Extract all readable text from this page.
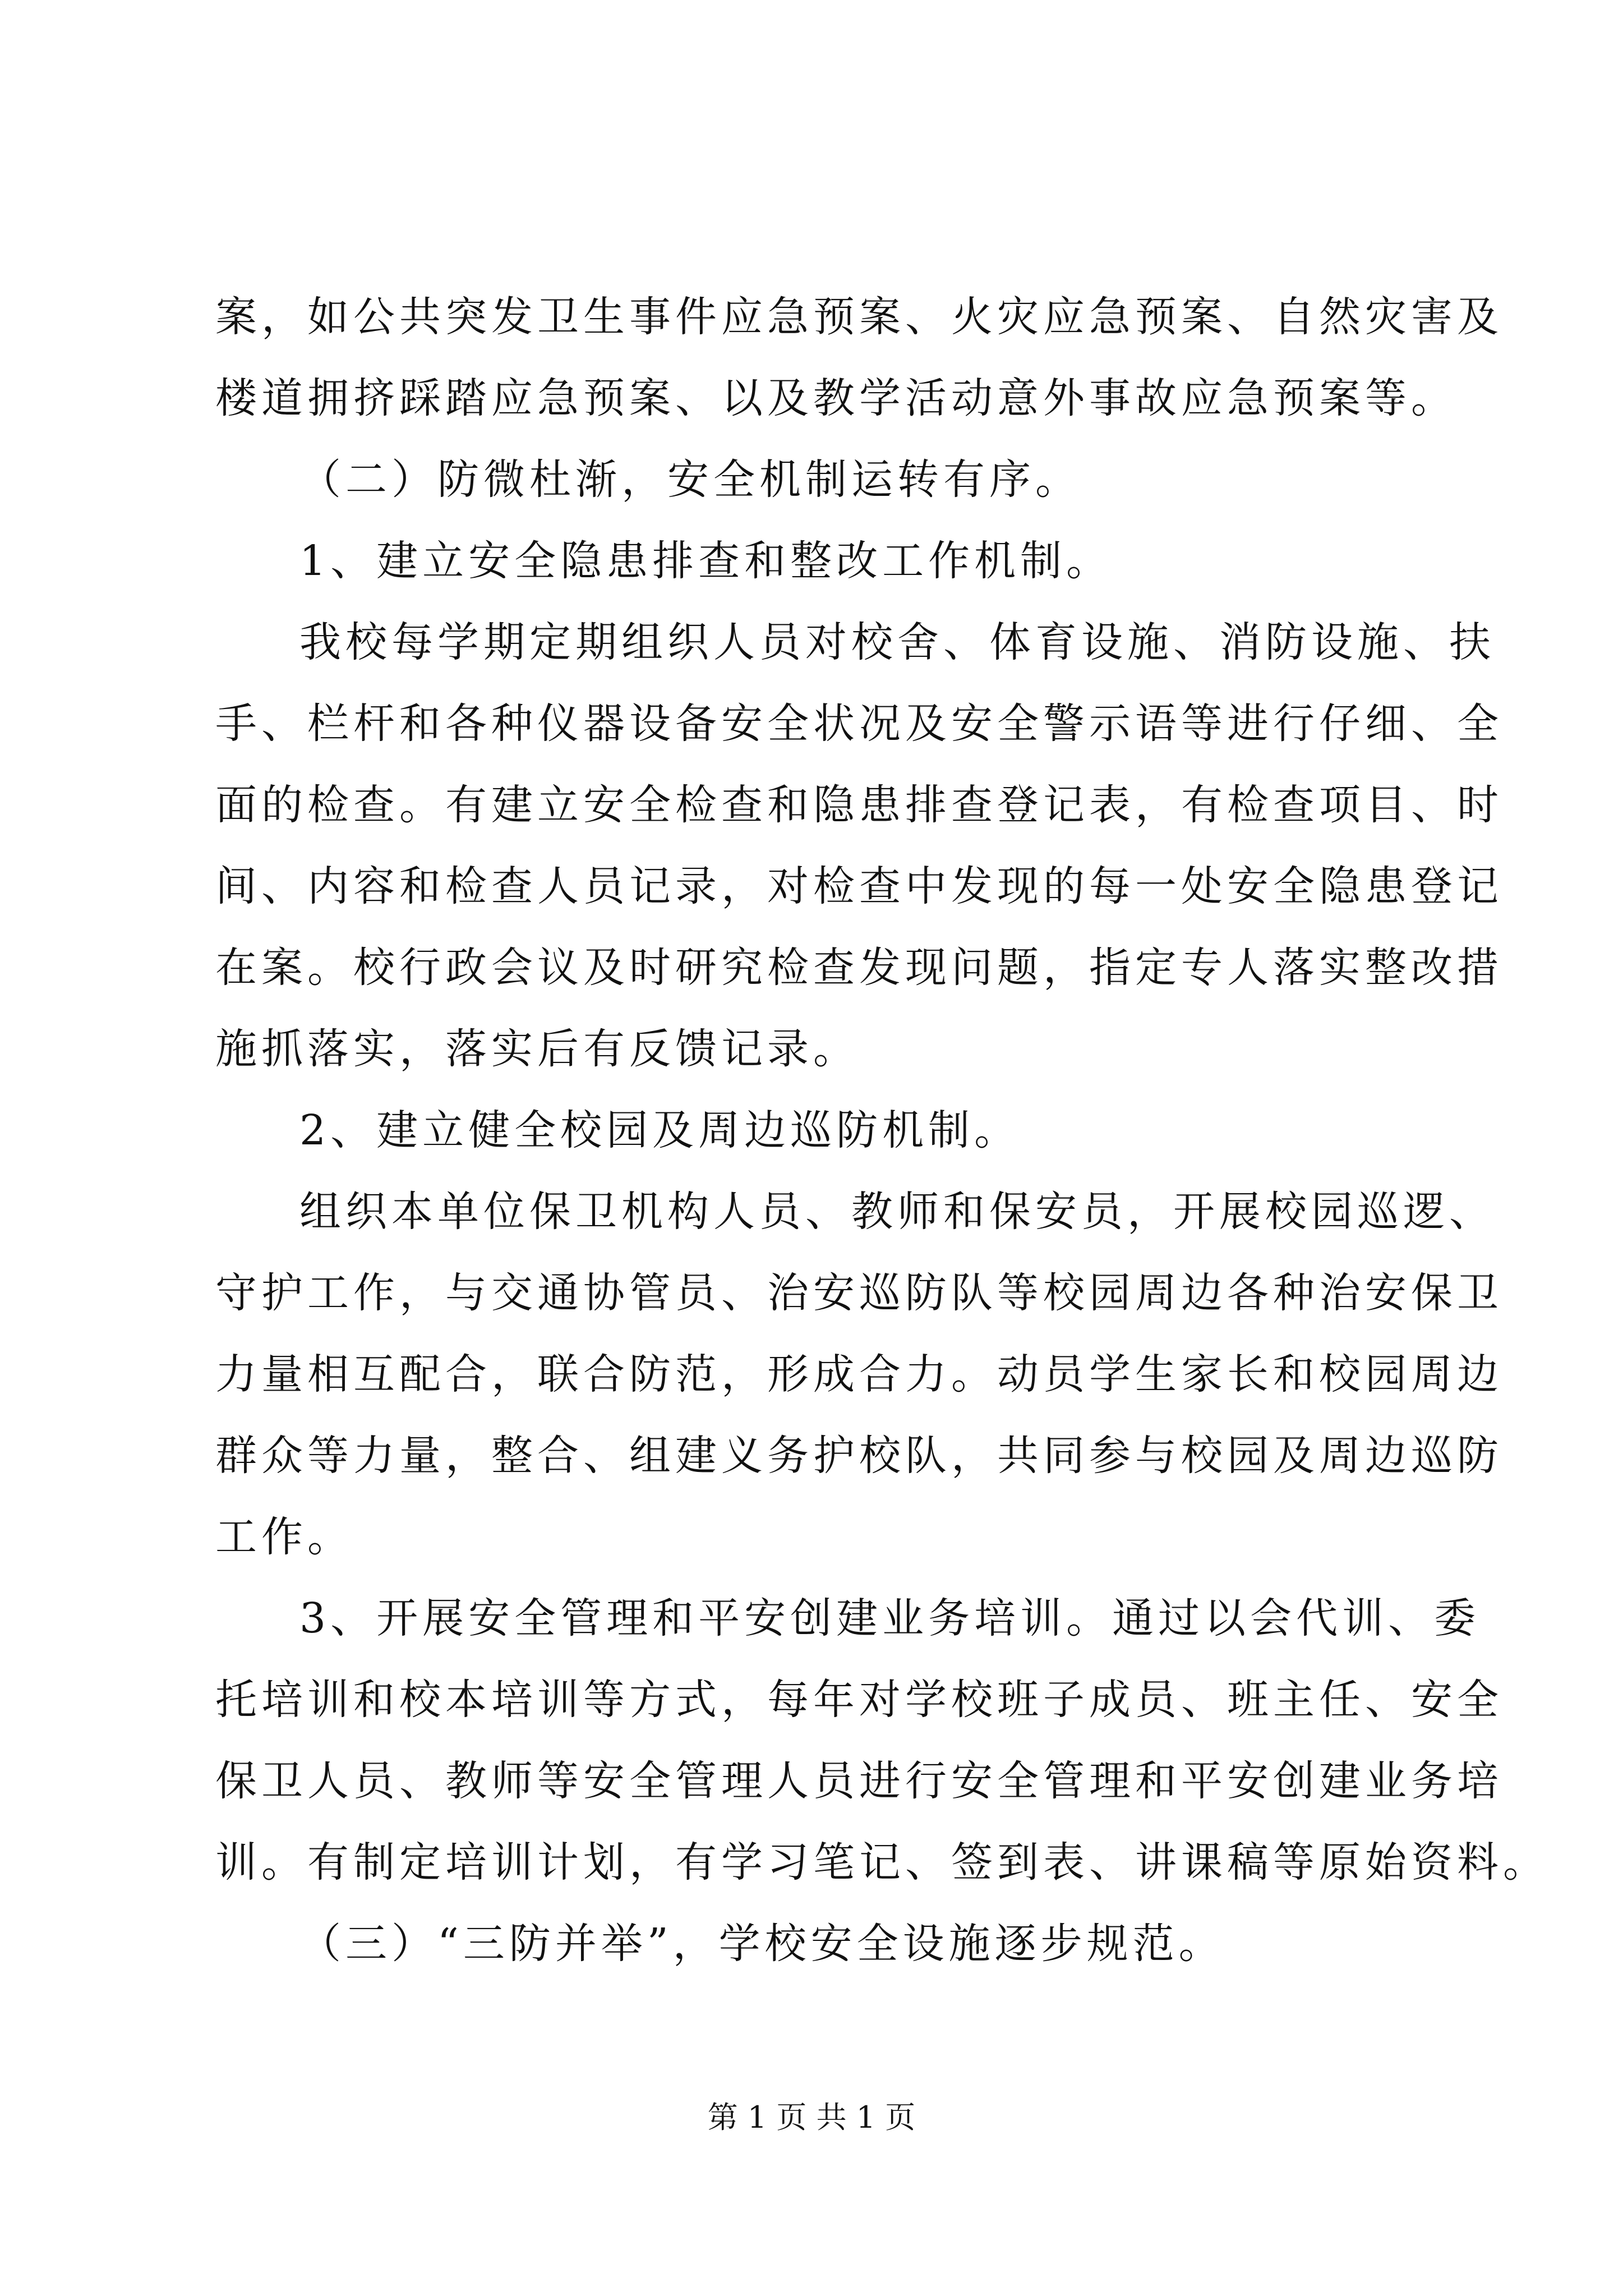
案，如公共突发卫生事件应急预案、火灾应急预案、自然灾害及
楼道拥挤踩踏应急预案、以及教学活动意外事故应急预案等。
（二）防微杜渐，安全机制运转有序。
1、建立安全隐患排查和整改工作机制。
我校每学期定期组织人员对校舍、体育设施、消防设施、扶
手、栏杆和各种仪器设备安全状况及安全警示语等进行仔细、全
面的检查。有建立安全检查和隐患排查登记表，有检查项目、时
间、内容和检查人员记录，对检查中发现的每一处安全隐患登记
在案。校行政会议及时研究检查发现问题，指定专人落实整改措
施抓落实，落实后有反馈记录。
2、建立健全校园及周边巡防机制。
组织本单位保卫机构人员、教师和保安员，开展校园巡逻、
守护工作，与交通协管员、治安巡防队等校园周边各种治安保卫
力量相互配合，联合防范，形成合力。动员学生家长和校园周边
群众等力量，整合、组建义务护校队，共同参与校园及周边巡防
工作。
3、开展安全管理和平安创建业务培训。通过以会代训、委
托培训和校本培训等方式，每年对学校班子成员、班主任、安全
保卫人员、教师等安全管理人员进行安全管理和平安创建业务培
训。有制定培训计划，有学习笔记、签到表、讲课稿等原始资料。
（三）“三防并举”，学校安全设施逐步规范。
第 1 页 共 1 页
